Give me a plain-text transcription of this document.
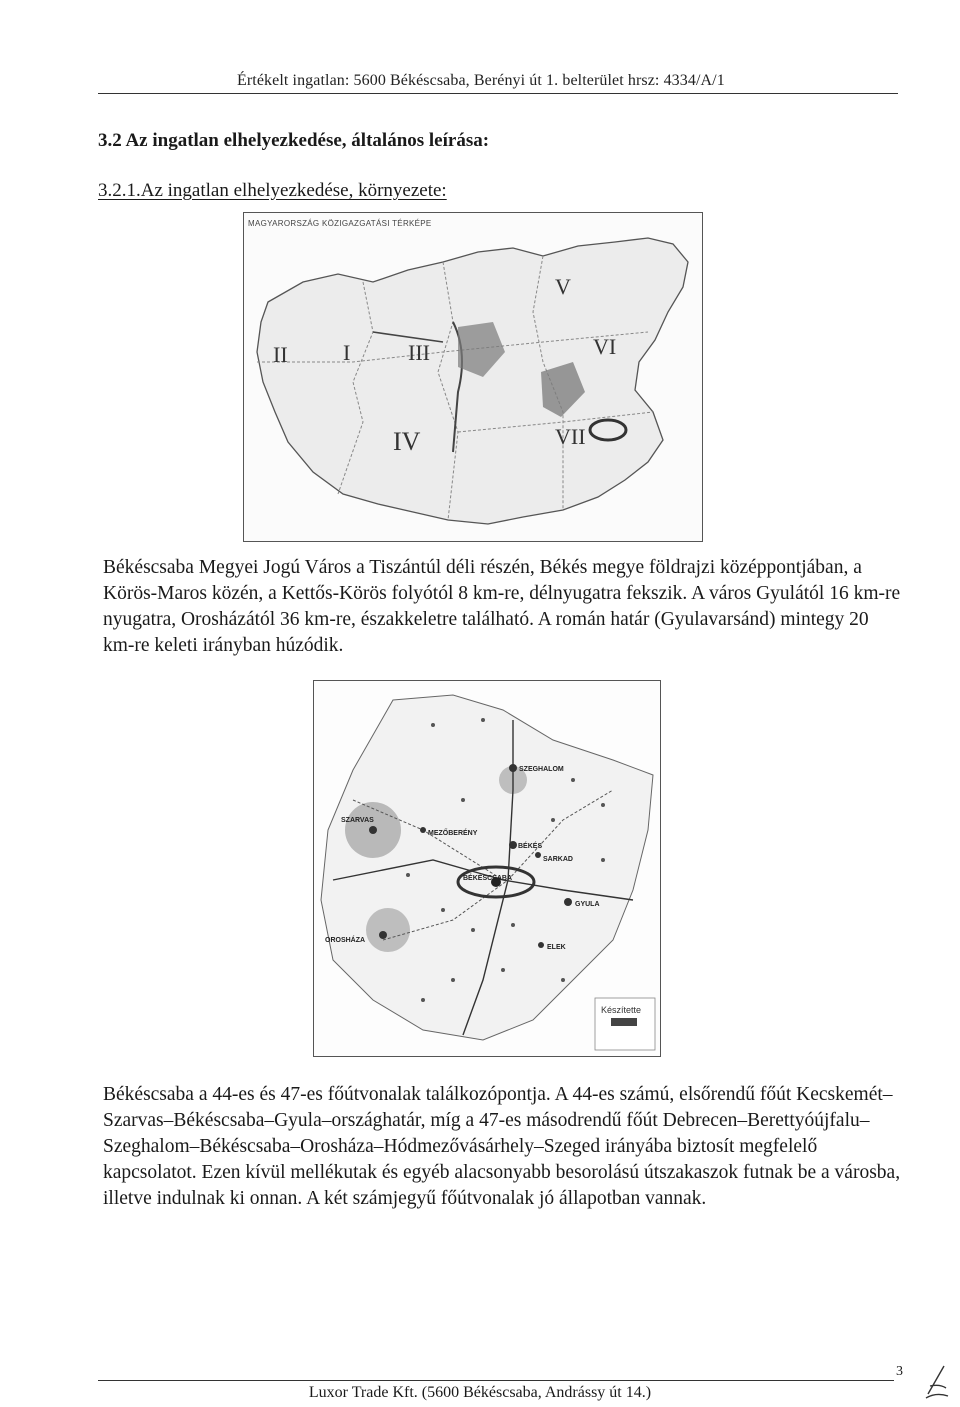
Értékelt ingatlan: 5600 Békéscsaba, Berényi út 1. belterület hrsz: 4334/A/1
3.2 Az ingatlan elhelyezkedése, általános leírása:
3.2.1.Az ingatlan elhelyezkedése, környezete:
MAGYARORSZÁG KÖZIGAZGATÁSI TÉRKÉPE
I
II	III
IV
V
VI
VII
Békéscsaba Megyei Jogú Város a Tiszántúl déli részén, Békés megye földrajzi középpontjában, a Körös-Maros közén, a Kettős-Körös folyótól 8 km-re, délnyugatra fekszik. A város Gyulától 16 km-re nyugatra, Orosházától 36 km-re, északkeletre található. A román határ (Gyulavarsánd) mintegy 20 km-re keleti irányban húzódik.
SZEGHALOM
SZARVAS
BÉKÉS
BÉKÉSCSABA
GYULA
OROSHÁZA
SARKAD
MEZŐBERÉNY
ELEK
Készítette
Békéscsaba a 44-es és 47-es főútvonalak találkozópontja. A 44-es számú, elsőrendű főút Kecskemét–Szarvas–Békéscsaba–Gyula–országhatár, míg a 47-es másodrendű főút Debrecen–Berettyóújfalu–Szeghalom–Békéscsaba–Orosháza–Hódmezővásárhely–Szeged irányába biztosít megfelelő kapcsolatot. Ezen kívül mellékutak és egyéb alacsonyabb besorolású útszakaszok futnak be a városba, illetve indulnak ki onnan. A két számjegyű főútvonalak jó állapotban vannak.
3
Luxor Trade Kft. (5600 Békéscsaba, Andrássy út 14.)
